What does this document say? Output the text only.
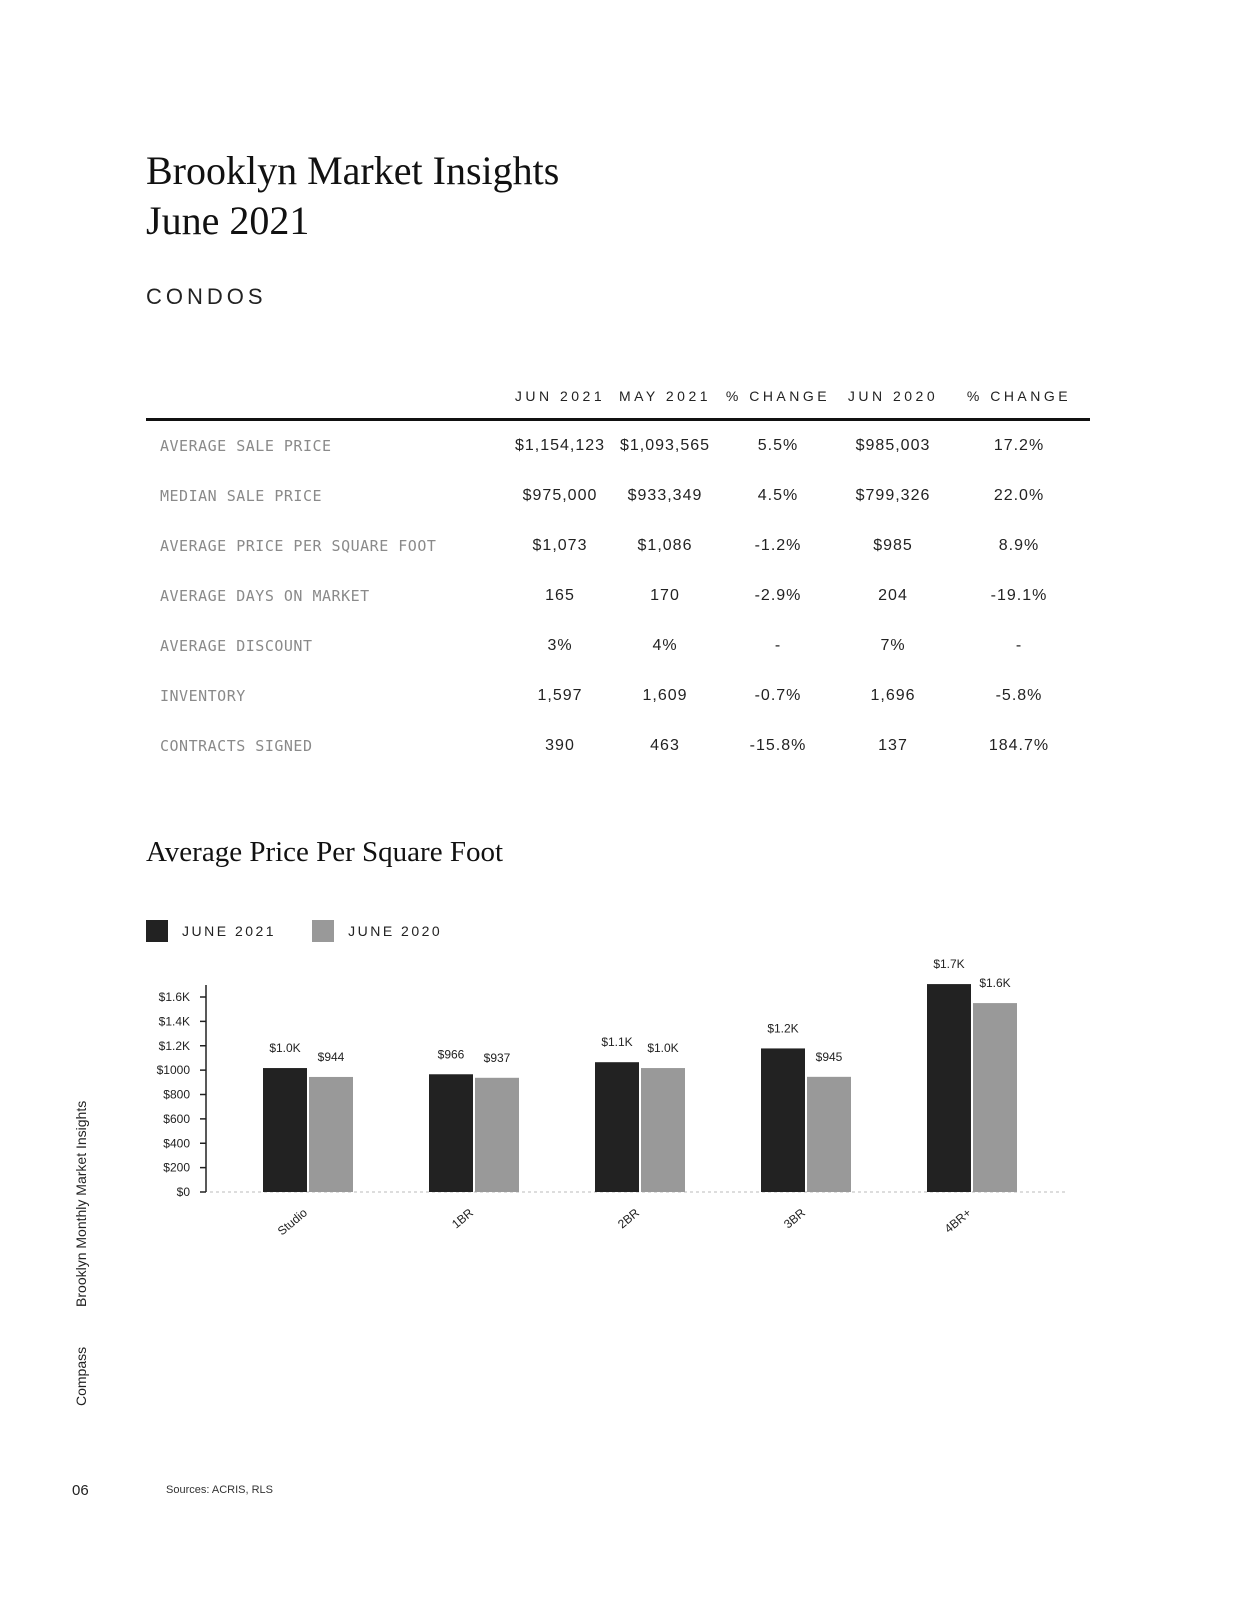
Brooklyn Market Insights
June 2021
CONDOS
	JUN 2021	MAY 2021	% CHANGE	JUN 2020	% CHANGE
AVERAGE SALE PRICE	$1,154,123	$1,093,565	5.5%	$985,003	17.2%
MEDIAN SALE PRICE	$975,000	$933,349	4.5%	$799,326	22.0%
AVERAGE PRICE PER SQUARE FOOT	$1,073	$1,086	-1.2%	$985	8.9%
AVERAGE DAYS ON MARKET	165	170	-2.9%	204	-19.1%
AVERAGE DISCOUNT	3%	4%	-	7%	-
INVENTORY	1,597	1,609	-0.7%	1,696	-5.8%
CONTRACTS SIGNED	390	463	-15.8%	137	184.7%
Average Price Per Square Foot
JUNE 2021	JUNE 2020
$0
$200
$400
$600
$800
$1000
$1.2K
$1.4K
$1.6K
$1.0K
$944
Studio
$966 $937
1BR
$1.1K $1.0K
2BR
$1.2K
$945
3BR
$1.7K
$1.6K
4BR+
Compass Brooklyn Monthly Market Insights
06	Sources: ACRIS, RLS
